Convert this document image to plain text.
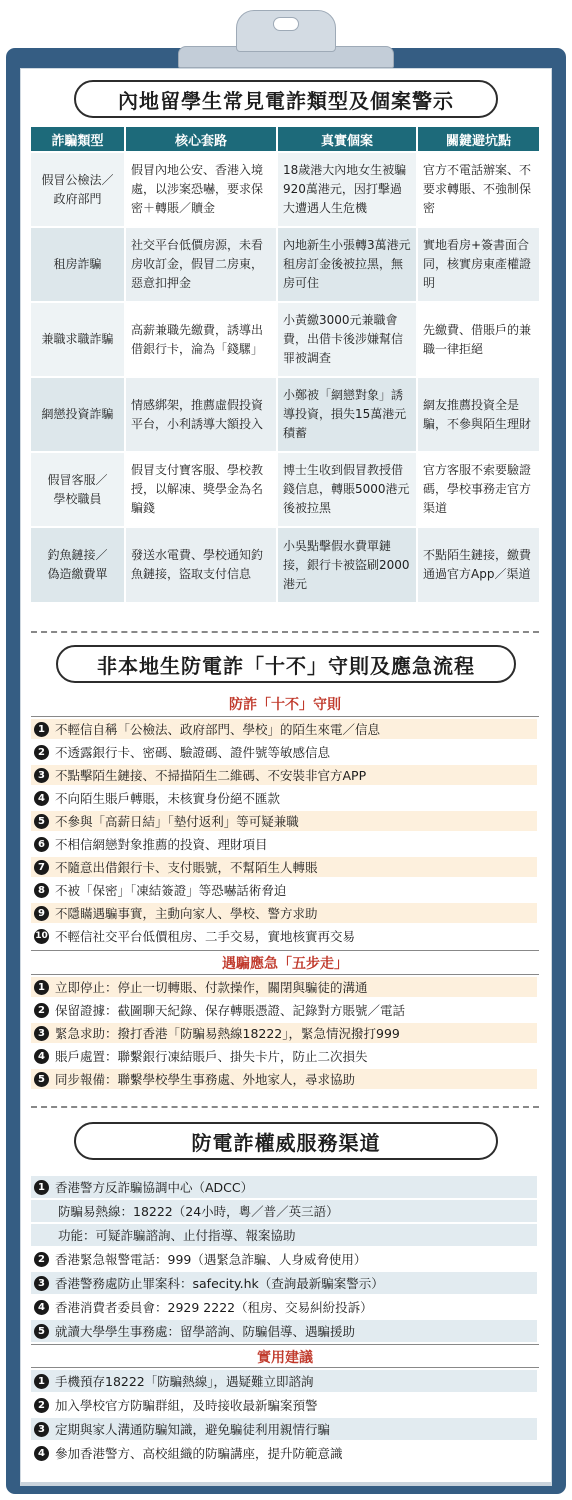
內地留學生常見電詐類型及個案警示
詐騙類型	核心套路	真實個案	關鍵避坑點
假冒公檢法／
政府部門	假冒內地公安、香港入境處，以涉案恐嚇，要求保密＋轉賬／贖金	18歲港大內地女生被騙920萬港元，因打擊過大遭遇人生危機	官方不電話辦案、不要求轉賬、不強制保密
租房詐騙	社交平台低價房源，未看房收訂金，假冒二房東，惡意扣押金	內地新生小張轉3萬港元租房訂金後被拉黑，無房可住	實地看房+簽書面合同，核實房東產權證明
兼職求職詐騙	高薪兼職先繳費，誘導出借銀行卡，淪為「錢騾」	小黃繳3000元兼職會費，出借卡後涉嫌幫信罪被調查	先繳費、借賬戶的兼職一律拒絕
網戀投資詐騙	情感綁架，推薦虛假投資平台，小利誘導大額投入	小鄭被「網戀對象」誘導投資，損失15萬港元積蓄	網友推薦投資全是騙，不參與陌生理財
假冒客服／
學校職員	假冒支付寶客服、學校教授，以解凍、獎學金為名騙錢	博士生收到假冒教授借錢信息，轉賬5000港元後被拉黑	官方客服不索要驗證碼，學校事務走官方渠道
釣魚鏈接／
偽造繳費單	發送水電費、學校通知釣魚鏈接，盜取支付信息	小吳點擊假水費單鏈接，銀行卡被盜刷2000港元	不點陌生鏈接，繳費通過官方App／渠道
非本地生防電詐「十不」守則及應急流程
防詐「十不」守則
1 不輕信自稱「公檢法、政府部門、學校」的陌生來電／信息
2 不透露銀行卡、密碼、驗證碼、證件號等敏感信息
3 不點擊陌生鏈接、不掃描陌生二維碼、不安裝非官方APP
4 不向陌生賬戶轉賬，未核實身份絕不匯款
5 不參與「高薪日結」「墊付返利」等可疑兼職
6 不相信網戀對象推薦的投資、理財項目
7 不隨意出借銀行卡、支付賬號，不幫陌生人轉賬
8 不被「保密」「凍結簽證」等恐嚇話術脅迫
9 不隱瞞遇騙事實，主動向家人、學校、警方求助
10 不輕信社交平台低價租房、二手交易，實地核實再交易
遇騙應急「五步走」
1 立即停止：停止一切轉賬、付款操作，關閉與騙徒的溝通
2 保留證據：截圖聊天紀錄、保存轉賬憑證、記錄對方賬號／電話
3 緊急求助：撥打香港「防騙易熱線18222」，緊急情況撥打999
4 賬戶處置：聯繫銀行凍結賬戶、掛失卡片，防止二次損失
5 同步報備：聯繫學校學生事務處、外地家人，尋求協助
防電詐權威服務渠道
1 香港警方反詐騙協調中心（ADCC）
防騙易熱線：18222（24小時，粵／普／英三語）
功能：可疑詐騙諮詢、止付指導、報案協助
2 香港緊急報警電話：999（遇緊急詐騙、人身威脅使用）
3 香港警務處防止罪案科：safecity.hk（查詢最新騙案警示）
4 香港消費者委員會：2929 2222（租房、交易糾紛投訴）
5 就讀大學學生事務處：留學諮詢、防騙倡導、遇騙援助
實用建議
1 手機預存18222「防騙熱線」，遇疑難立即諮詢
2 加入學校官方防騙群組，及時接收最新騙案預警
3 定期與家人溝通防騙知識，避免騙徒利用親情行騙
4 參加香港警方、高校組織的防騙講座，提升防範意識
